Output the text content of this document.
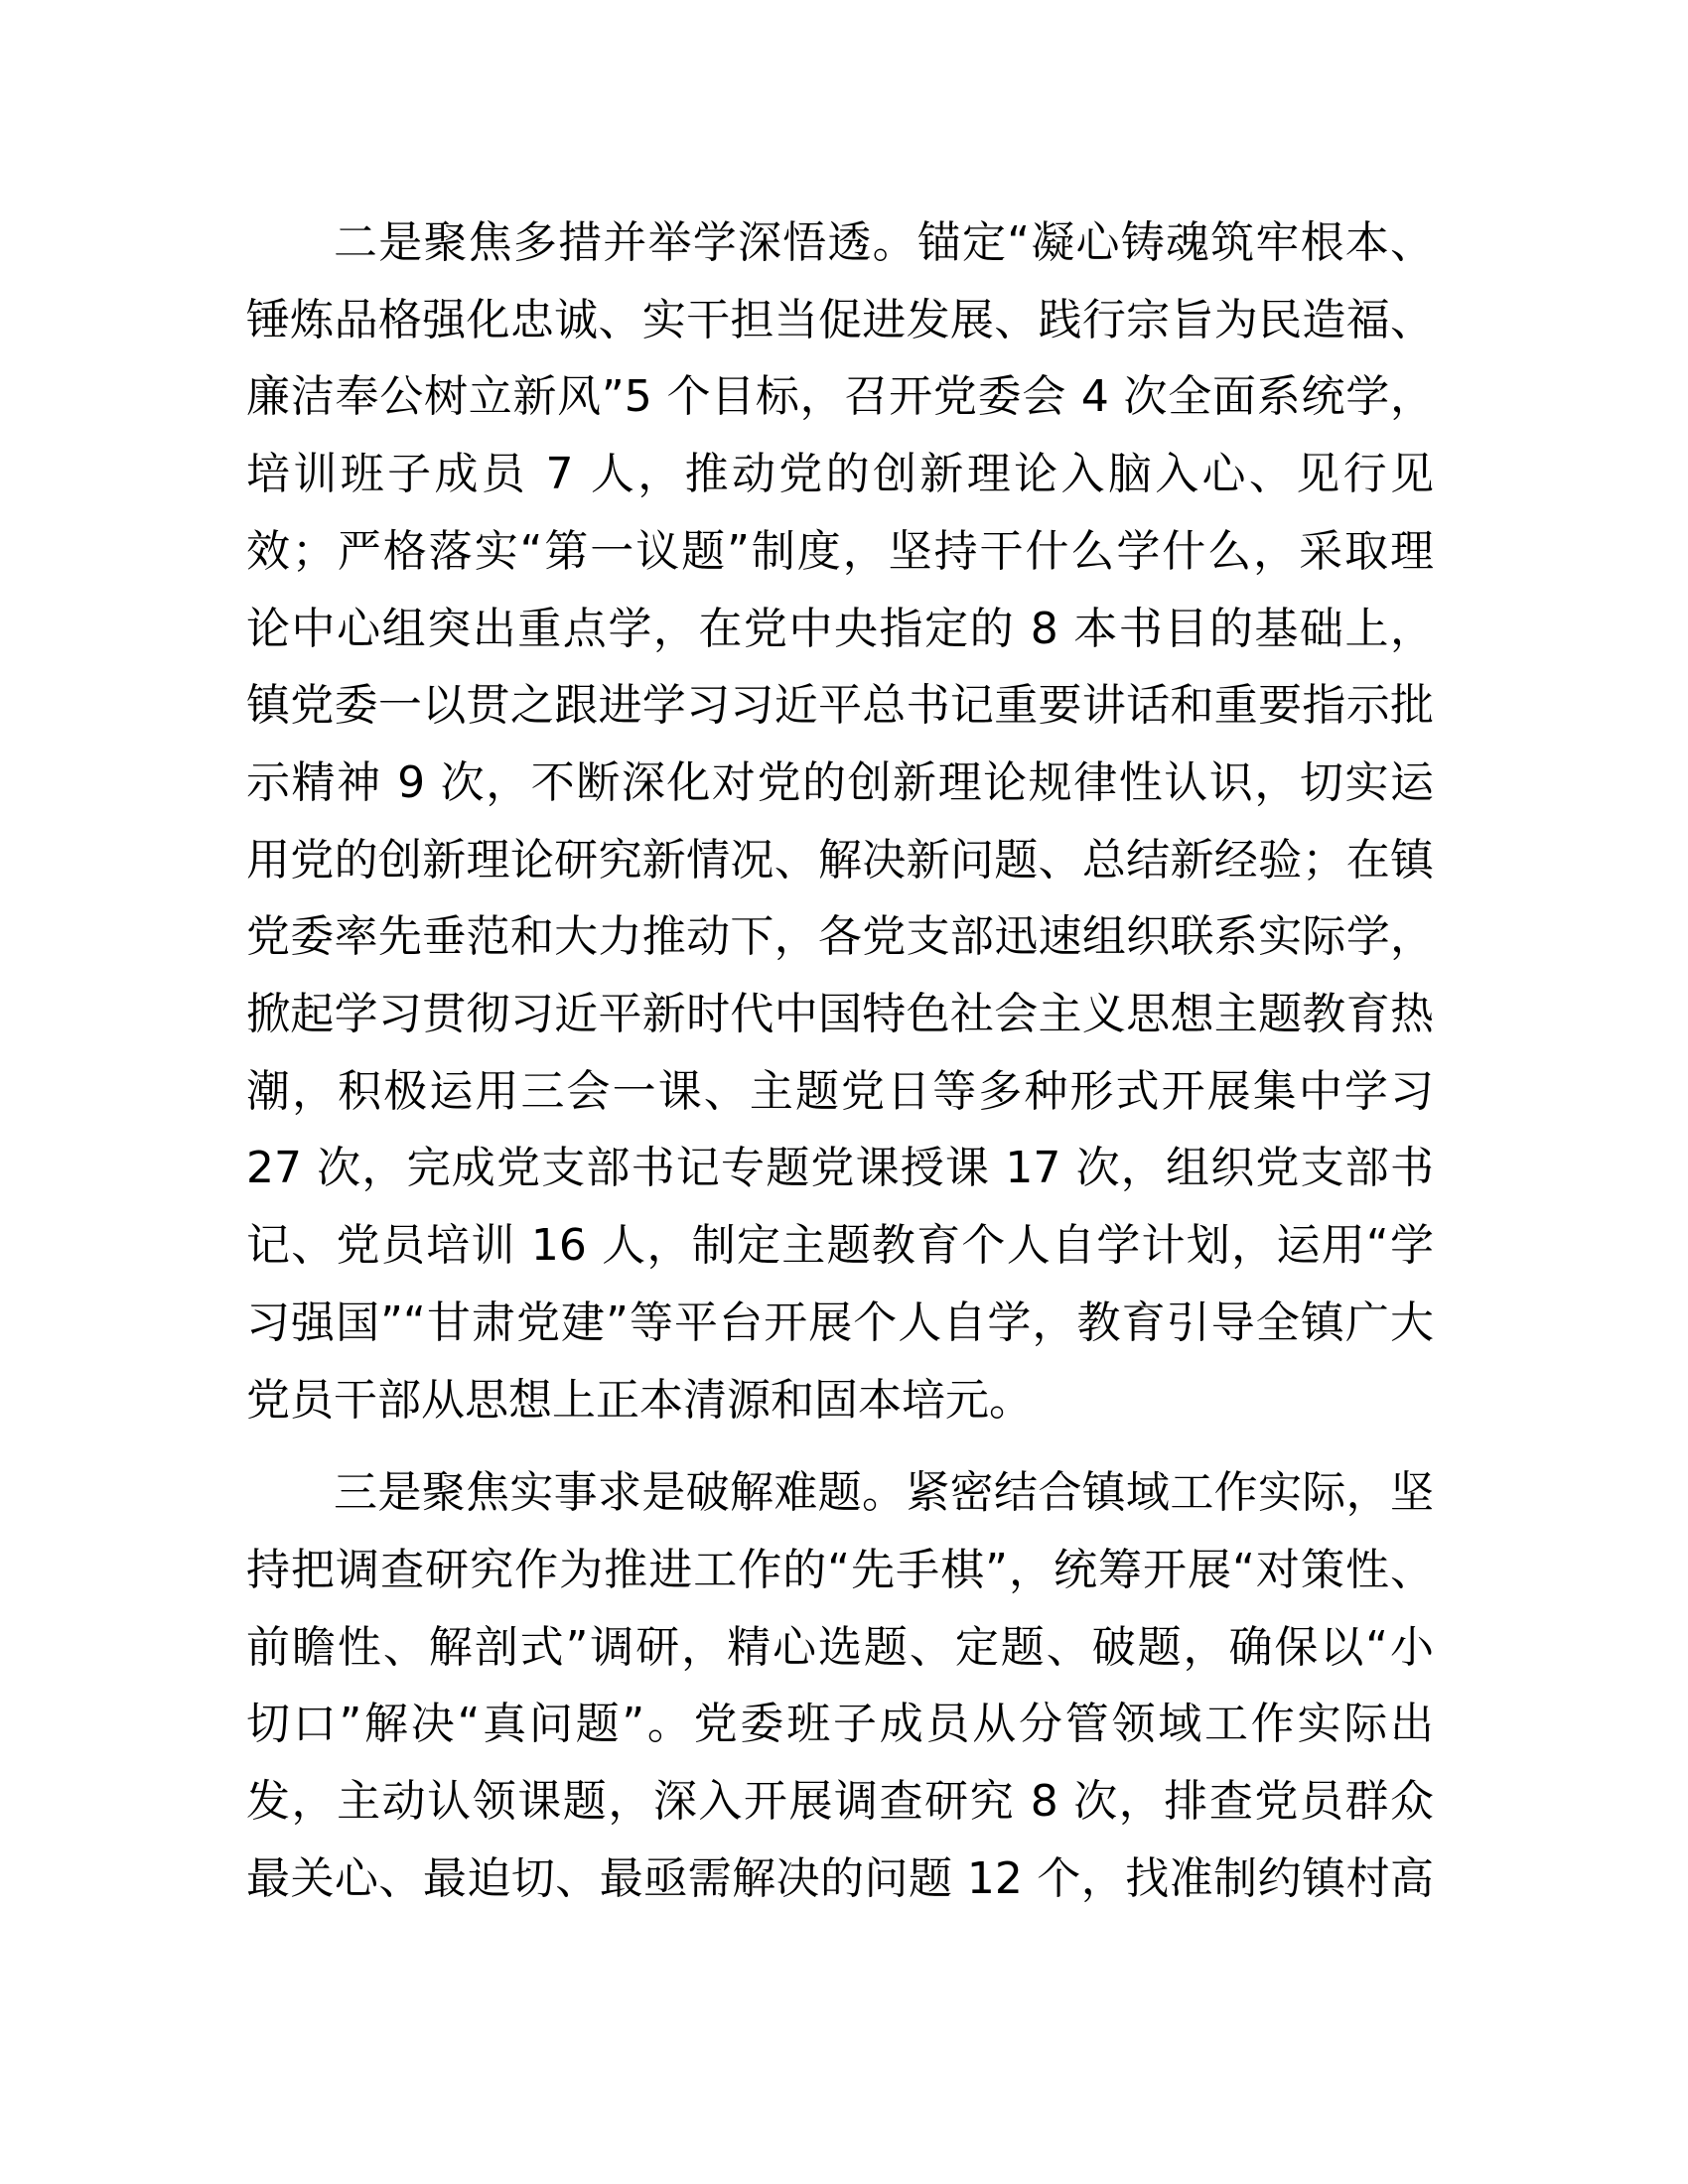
二是聚焦多措并举学深悟透。锚定“凝心铸魂筑牢根本、
锤炼品格强化忠诚、实干担当促进发展、践行宗旨为民造福、
廉洁奉公树立新风”5 个目标，召开党委会 4 次全面系统学，
培训班子成员 7 人，推动党的创新理论入脑入心、见行见
效；严格落实“第一议题”制度，坚持干什么学什么，采取理
论中心组突出重点学，在党中央指定的 8 本书目的基础上，
镇党委一以贯之跟进学习习近平总书记重要讲话和重要指示批
示精神 9 次，不断深化对党的创新理论规律性认识，切实运
用党的创新理论研究新情况、解决新问题、总结新经验；在镇
党委率先垂范和大力推动下，各党支部迅速组织联系实际学，
掀起学习贯彻习近平新时代中国特色社会主义思想主题教育热
潮，积极运用三会一课、主题党日等多种形式开展集中学习
27 次，完成党支部书记专题党课授课 17 次，组织党支部书
记、党员培训 16 人，制定主题教育个人自学计划，运用“学
习强国”“甘肃党建”等平台开展个人自学，教育引导全镇广大
党员干部从思想上正本清源和固本培元。
三是聚焦实事求是破解难题。紧密结合镇域工作实际，坚
持把调查研究作为推进工作的“先手棋”，统筹开展“对策性、
前瞻性、解剖式”调研，精心选题、定题、破题，确保以“小
切口”解决“真问题”。党委班子成员从分管领域工作实际出
发，主动认领课题，深入开展调查研究 8 次，排查党员群众
最关心、最迫切、最亟需解决的问题 12 个，找准制约镇村高
